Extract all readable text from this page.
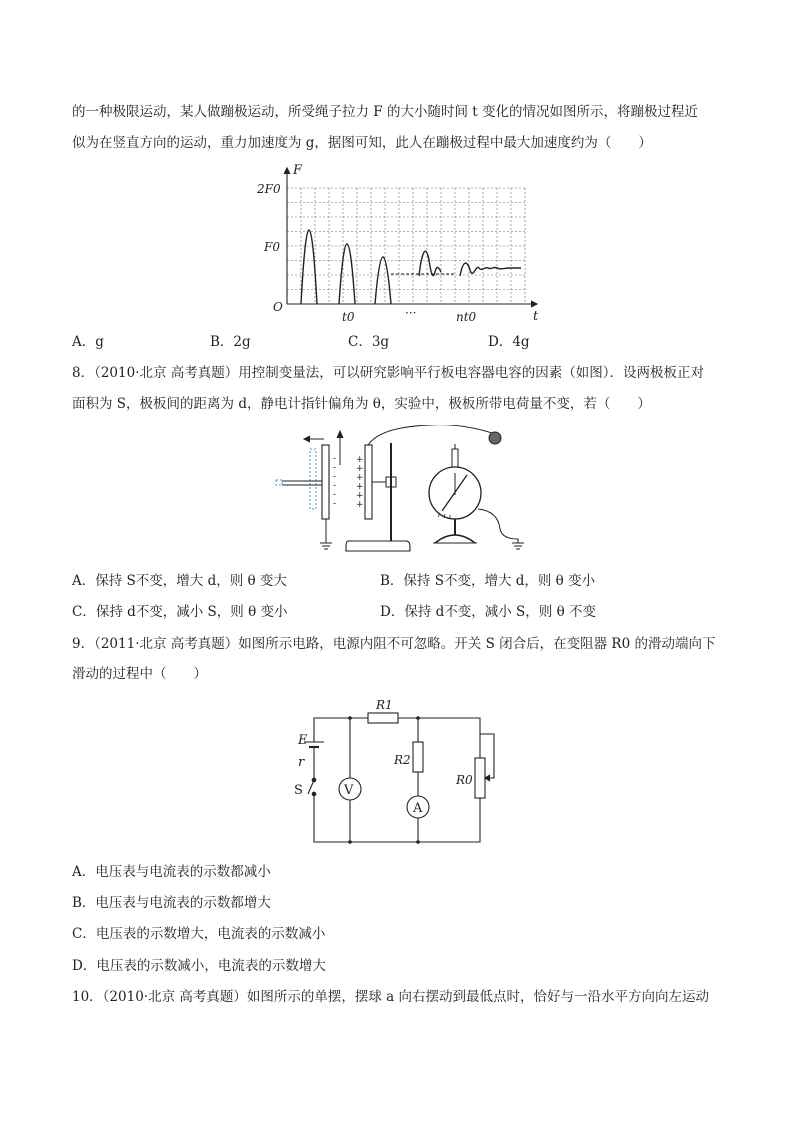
的一种极限运动，某人做蹦极运动，所受绳子拉力 F 的大小随时间 t 变化的情况如图所示，将蹦极过程近
似为在竖直方向的运动，重力加速度为 g，据图可知，此人在蹦极过程中最大加速度约为（　　）
F
2F0
F0
O
t0	···	nt0	t
A．g	B．2g	C．3g	D．4g
8．（2010·北京 高考真题）用控制变量法，可以研究影响平行板电容器电容的因素（如图）．设两极板正对
面积为 S，极板间的距离为 d，静电计指针偏角为 θ，实验中，极板所带电荷量不变，若（　　）
-
-
-
-
-
-
+
+
+
+
+
+
A．保持 S不变，增大 d，则 θ 变大	B．保持 S不变，增大 d，则 θ 变小
C．保持 d不变，减小 S，则 θ 变小	D．保持 d不变，减小 S，则 θ 不变
9．（2011·北京 高考真题）如图所示电路，电源内阻不可忽略。开关 S 闭合后，在变阻器 R0 的滑动端向下
滑动的过程中（　　）
R1
R2
R0
E
r
S	V
A
A．电压表与电流表的示数都减小
B．电压表与电流表的示数都增大
C．电压表的示数增大，电流表的示数减小
D．电压表的示数减小，电流表的示数增大
10．（2010·北京 高考真题）如图所示的单摆，摆球 a 向右摆动到最低点时，恰好与一沿水平方向向左运动
